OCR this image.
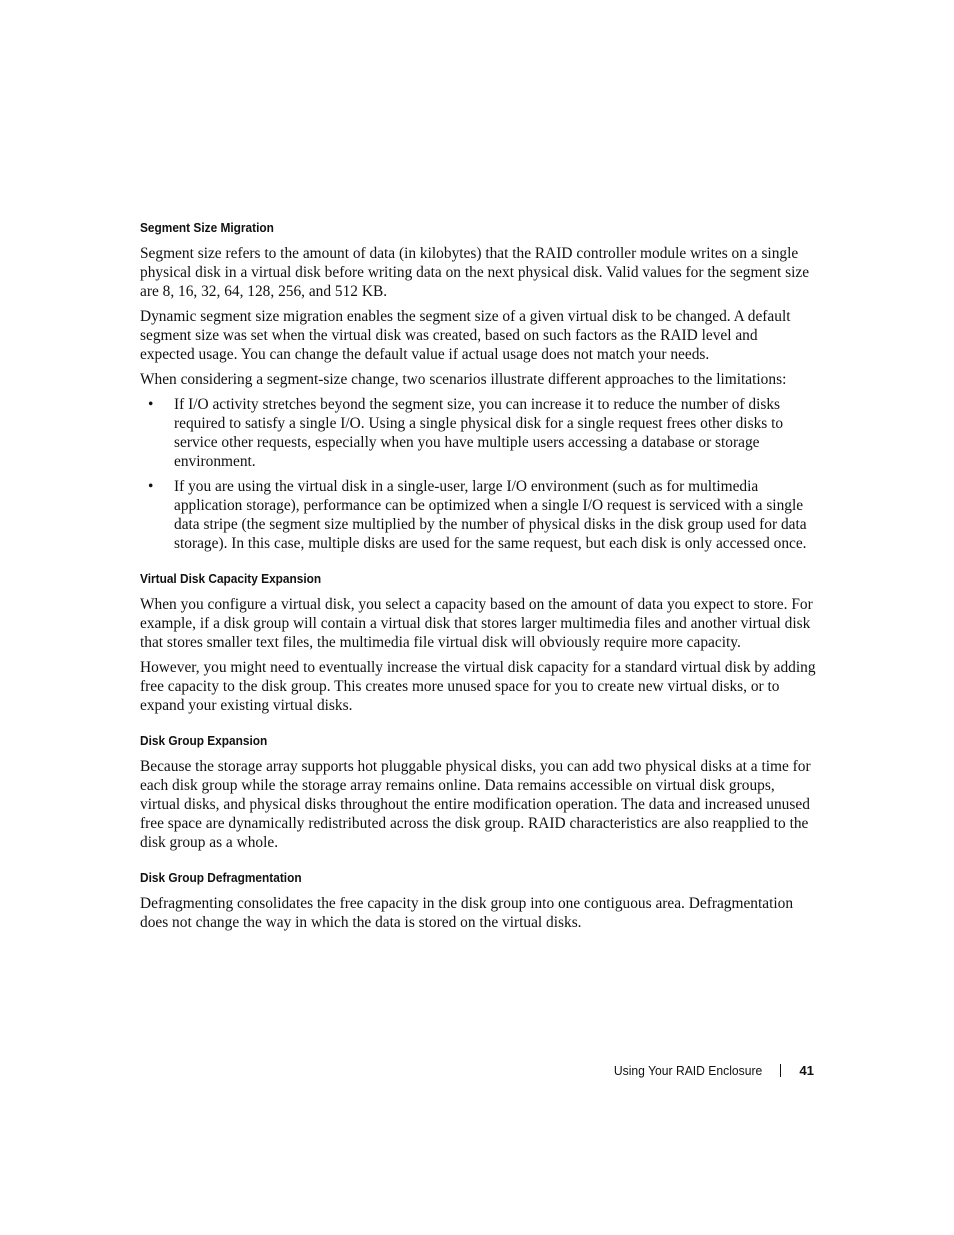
Segment Size Migration

Segment size refers to the amount of data (in kilobytes) that the RAID controller module writes on a single physical disk in a virtual disk before writing data on the next physical disk. Valid values for the segment size are 8, 16, 32, 64, 128, 256, and 512 KB.

Dynamic segment size migration enables the segment size of a given virtual disk to be changed. A default segment size was set when the virtual disk was created, based on such factors as the RAID level and expected usage. You can change the default value if actual usage does not match your needs.

When considering a segment-size change, two scenarios illustrate different approaches to the limitations:

• If I/O activity stretches beyond the segment size, you can increase it to reduce the number of disks required to satisfy a single I/O. Using a single physical disk for a single request frees other disks to service other requests, especially when you have multiple users accessing a database or storage environment.
• If you are using the virtual disk in a single-user, large I/O environment (such as for multimedia application storage), performance can be optimized when a single I/O request is serviced with a single data stripe (the segment size multiplied by the number of physical disks in the disk group used for data storage). In this case, multiple disks are used for the same request, but each disk is only accessed once.
Virtual Disk Capacity Expansion

When you configure a virtual disk, you select a capacity based on the amount of data you expect to store. For example, if a disk group will contain a virtual disk that stores larger multimedia files and another virtual disk that stores smaller text files, the multimedia file virtual disk will obviously require more capacity.

However, you might need to eventually increase the virtual disk capacity for a standard virtual disk by adding free capacity to the disk group. This creates more unused space for you to create new virtual disks, or to expand your existing virtual disks.

Disk Group Expansion

Because the storage array supports hot pluggable physical disks, you can add two physical disks at a time for each disk group while the storage array remains online. Data remains accessible on virtual disk groups, virtual disks, and physical disks throughout the entire modification operation. The data and increased unused free space are dynamically redistributed across the disk group. RAID characteristics are also reapplied to the disk group as a whole.

Disk Group Defragmentation

Defragmenting consolidates the free capacity in the disk group into one contiguous area. Defragmentation does not change the way in which the data is stored on the virtual disks.

Using Your RAID Enclosure	41
